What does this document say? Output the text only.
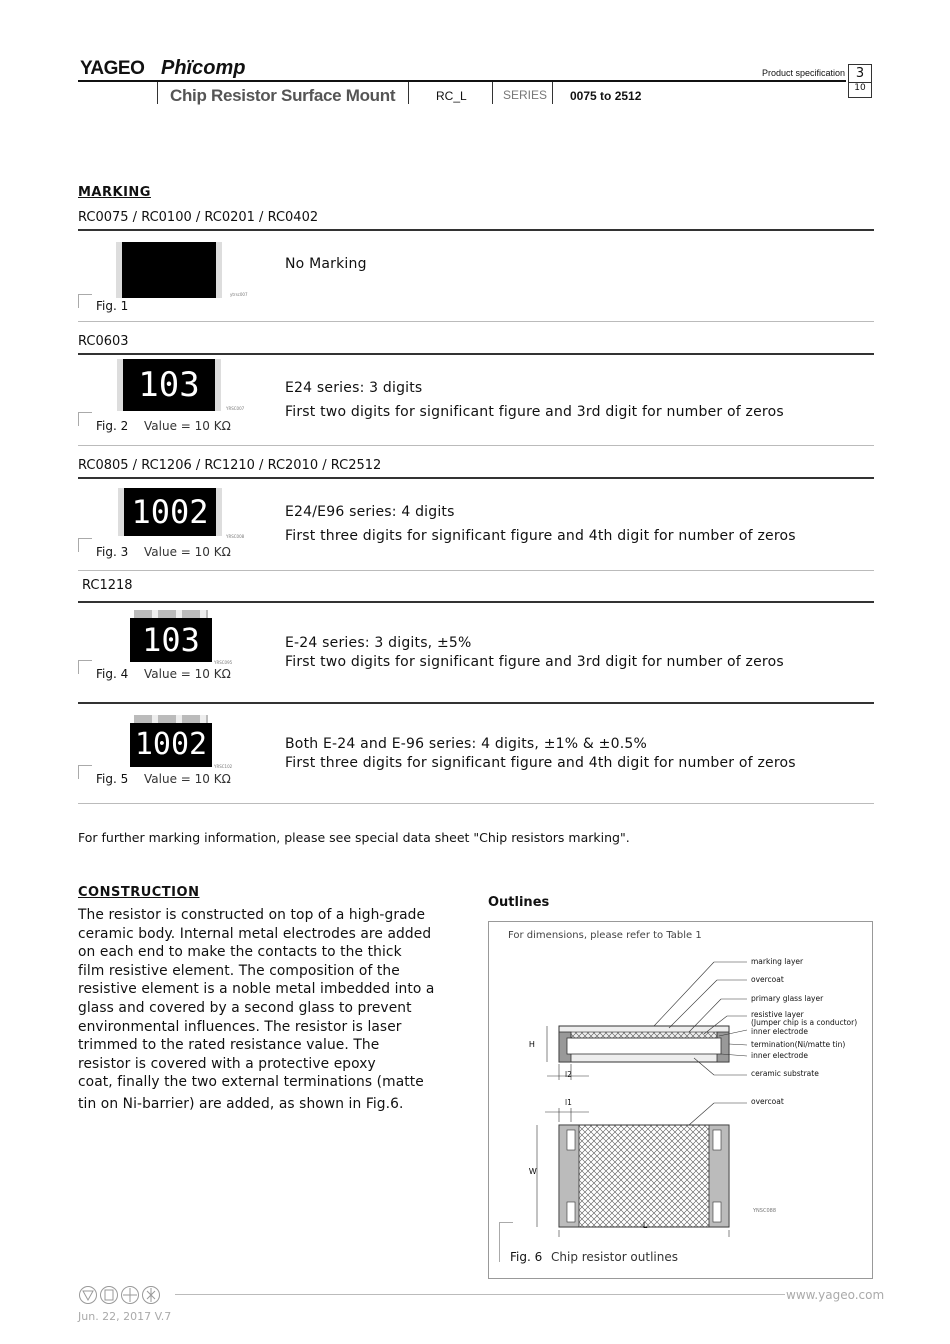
YAGEO Phïcomp	Product specification 3
10
Chip Resistor Surface Mount	RC_L	SERIES 0075 to 2512
MARKING
RC0075 / RC0100 / RC0201 / RC0402
ytrsc007
Fig. 1
No Marking
RC0603
103
YRSC007
Fig. 2 Value = 10 KΩ
E24 series: 3 digits
First two digits for significant figure and 3rd digit for number of zeros
RC0805 / RC1206 / RC1210 / RC2010 / RC2512
1002
YRSC008
Fig. 3 Value = 10 KΩ
E24/E96 series: 4 digits
First three digits for significant figure and 4th digit for number of zeros
RC1218
103
YRSC095
Fig. 4 Value = 10 KΩ
E-24 series: 3 digits, ±5%
First two digits for significant figure and 3rd digit for number of zeros
1002
YRSC102
Fig. 5 Value = 10 KΩ
Both E-24 and E-96 series: 4 digits, ±1% & ±0.5%
First three digits for significant figure and 4th digit for number of zeros
For further marking information, please see special data sheet "Chip resistors marking".
CONSTRUCTION
The resistor is constructed on top of a high-grade
ceramic body. Internal metal electrodes are added
on each end to make the contacts to the thick
film resistive element. The composition of the
resistive element is a noble metal imbedded into a
glass and covered by a second glass to prevent
environmental influences. The resistor is laser
trimmed to the rated resistance value. The
resistor is covered with a protective epoxy
coat, finally the two external terminations (matte
tin on Ni-barrier) are added, as shown in Fig.6.
Outlines
For dimensions, please refer to Table 1
H
W
L
marking layer
overcoat
primary glass layer
resistive layer
(Jumper chip is a conductor)
inner electrode
termination(Ni/matte tin)
inner electrode
ceramic substrate
overcoat
l2
l1
YNSC088
Fig. 6 Chip resistor outlines
Jun. 22, 2017 V.7
www.yageo.com
